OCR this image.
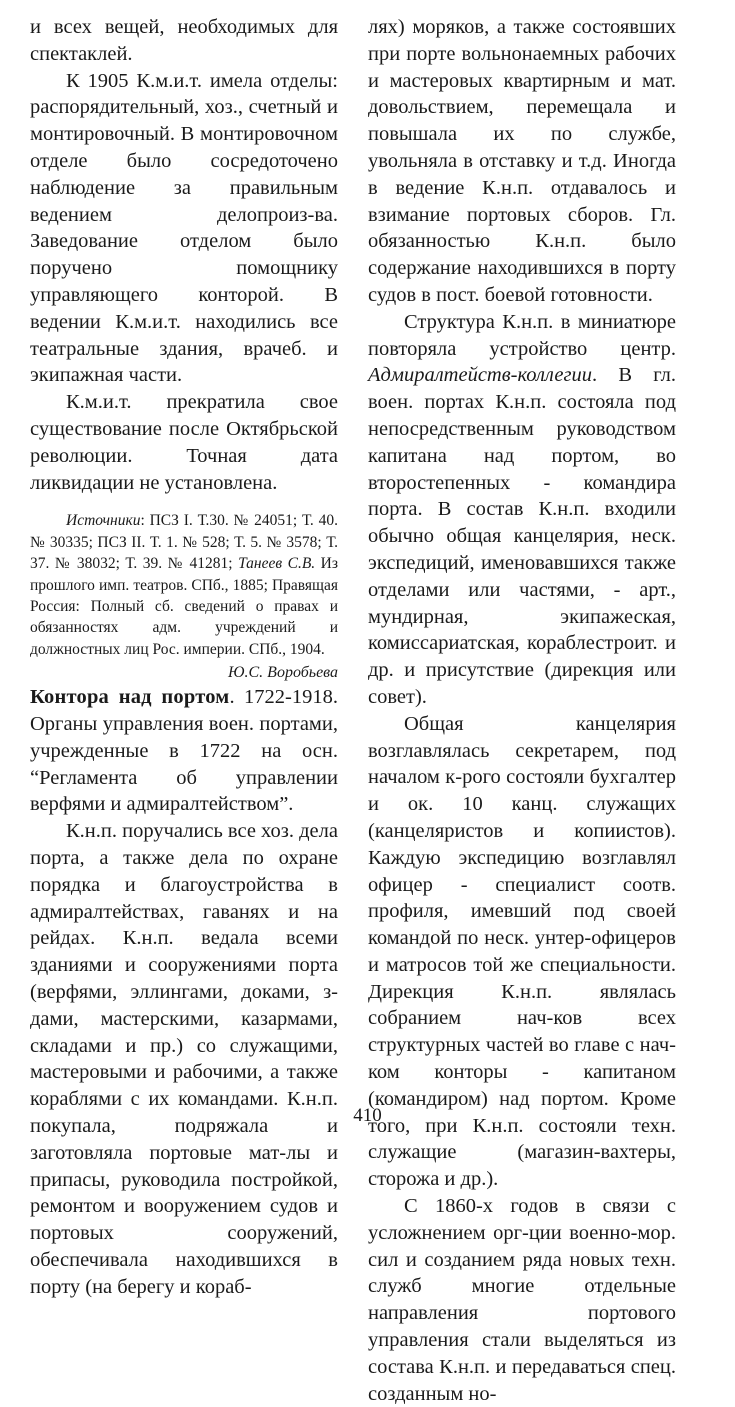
и всех вещей, необходимых для спектаклей.

К 1905 К.м.и.т. имела отделы: распорядительный, хоз., счетный и монтировочный. В монтировочном отделе было сосредоточено наблюдение за правильным ведением делопроиз-ва. Заведование отделом было поручено помощнику управляющего конторой. В ведении К.м.и.т. находились все театральные здания, врачеб. и экипажная части.

К.м.и.т. прекратила свое существование после Октябрьской революции. Точная дата ликвидации не установлена.

Источники: ПСЗ I. Т.30. № 24051; Т. 40. № 30335; ПСЗ II. Т. 1. № 528; Т. 5. № 3578; Т. 37. № 38032; Т. 39. № 41281; Танеев С.В. Из прошлого имп. театров. СПб., 1885; Правящая Россия: Полный сб. сведений о правах и обязанностях адм. учреждений и должностных лиц Рос. империи. СПб., 1904.
Ю.С. Воробьева

Контора над портом. 1722-1918. Органы управления воен. портами, учрежденные в 1722 на осн. “Регламента об управлении верфями и адмиралтейством”.

К.н.п. поручались все хоз. дела порта, а также дела по охране порядка и благоустройства в адмиралтействах, гаванях и на рейдах. К.н.п. ведала всеми зданиями и сооружениями порта (верфями, эллингами, доками, з-дами, мастерскими, казармами, складами и пр.) со служащими, мастеровыми и рабочими, а также кораблями с их командами. К.н.п. покупала, подряжала и заготовляла портовые мат-лы и припасы, руководила постройкой, ремонтом и вооружением судов и портовых сооружений, обеспечивала находившихся в порту (на берегу и кораб-

лях) моряков, а также состоявших при порте вольнонаемных рабочих и мастеровых квартирным и мат. довольствием, перемещала и повышала их по службе, увольняла в отставку и т.д. Иногда в ведение К.н.п. отдавалось и взимание портовых сборов. Гл. обязанностью К.н.п. было содержание находившихся в порту судов в пост. боевой готовности.

Структура К.н.п. в миниатюре повторяла устройство центр. Адмиралтейств-коллегии. В гл. воен. портах К.н.п. состояла под непосредственным руководством капитана над портом, во второстепенных - командира порта. В состав К.н.п. входили обычно общая канцелярия, неск. экспедиций, именовавшихся также отделами или частями, - арт., мундирная, экипажеская, комиссариатская, кораблестроит. и др. и присутствие (дирекция или совет).

Общая канцелярия возглавлялась секретарем, под началом к-рого состояли бухгалтер и ок. 10 канц. служащих (канцеляристов и копиистов). Каждую экспедицию возглавлял офицер - специалист соотв. профиля, имевший под своей командой по неск. унтер-офицеров и матросов той же специальности. Дирекция К.н.п. являлась собранием нач-ков всех структурных частей во главе с нач-ком конторы - капитаном (командиром) над портом. Кроме того, при К.н.п. состояли техн. служащие (магазин-вахтеры, сторожа и др.).

С 1860-х годов в связи с усложнением орг-ции военно-мор. сил и созданием ряда новых техн. служб многие отдельные направления портового управления стали выделяться из состава К.н.п. и передаваться спец. созданным но-

410
